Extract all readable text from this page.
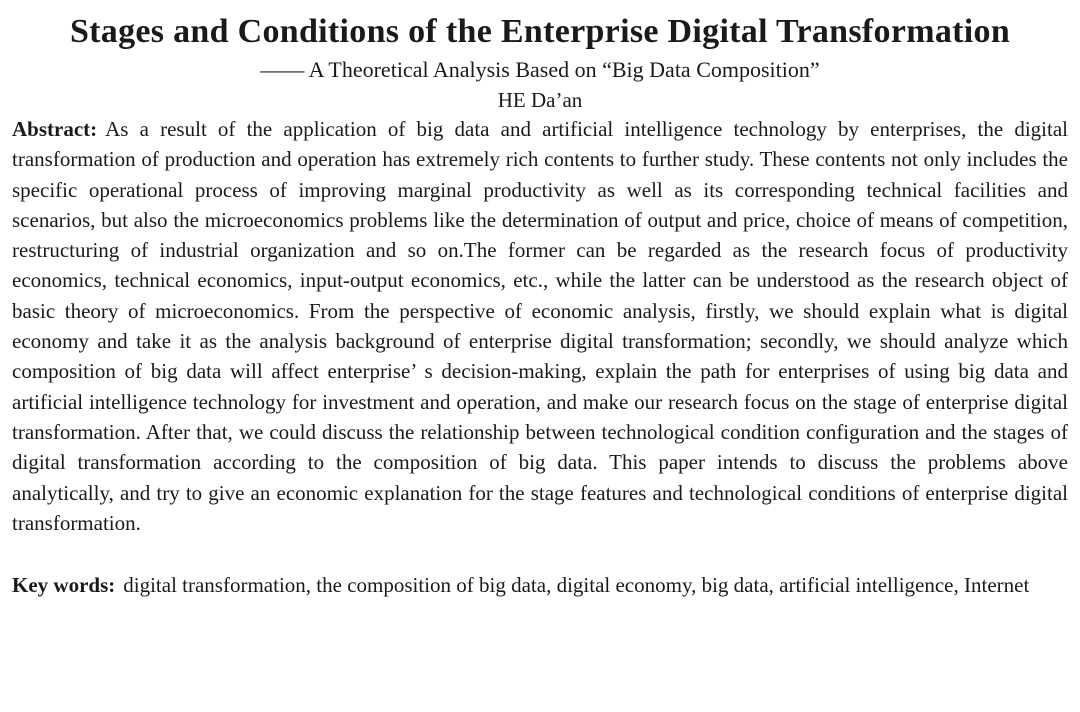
Stages and Conditions of the Enterprise Digital Transformation

—— A Theoretical Analysis Based on “Big Data Composition”

HE Da’an

Abstract: As a result of the application of big data and artificial intelligence technology by enterprises, the digital transformation of production and operation has extremely rich contents to further study. These contents not only includes the specific operational process of improving marginal productivity as well as its corresponding technical facilities and scenarios, but also the microeconomics problems like the determination of output and price, choice of means of competition, restructuring of industrial organization and so on.The former can be regarded as the research focus of productivity economics, technical economics, input-output economics, etc., while the latter can be understood as the research object of basic theory of microeconomics. From the perspective of economic analysis, firstly, we should explain what is digital economy and take it as the analysis background of enterprise digital transformation; secondly, we should analyze which composition of big data will affect enterprise’ s decision-making, explain the path for enterprises of using big data and artificial intelligence technology for investment and operation, and make our research focus on the stage of enterprise digital transformation. After that, we could discuss the relationship between technological condition configuration and the stages of digital transformation according to the composition of big data. This paper intends to discuss the problems above analytically, and try to give an economic explanation for the stage features and technological conditions of enterprise digital transformation.

Key words: digital transformation, the composition of big data, digital economy, big data, artificial intelligence, Internet
